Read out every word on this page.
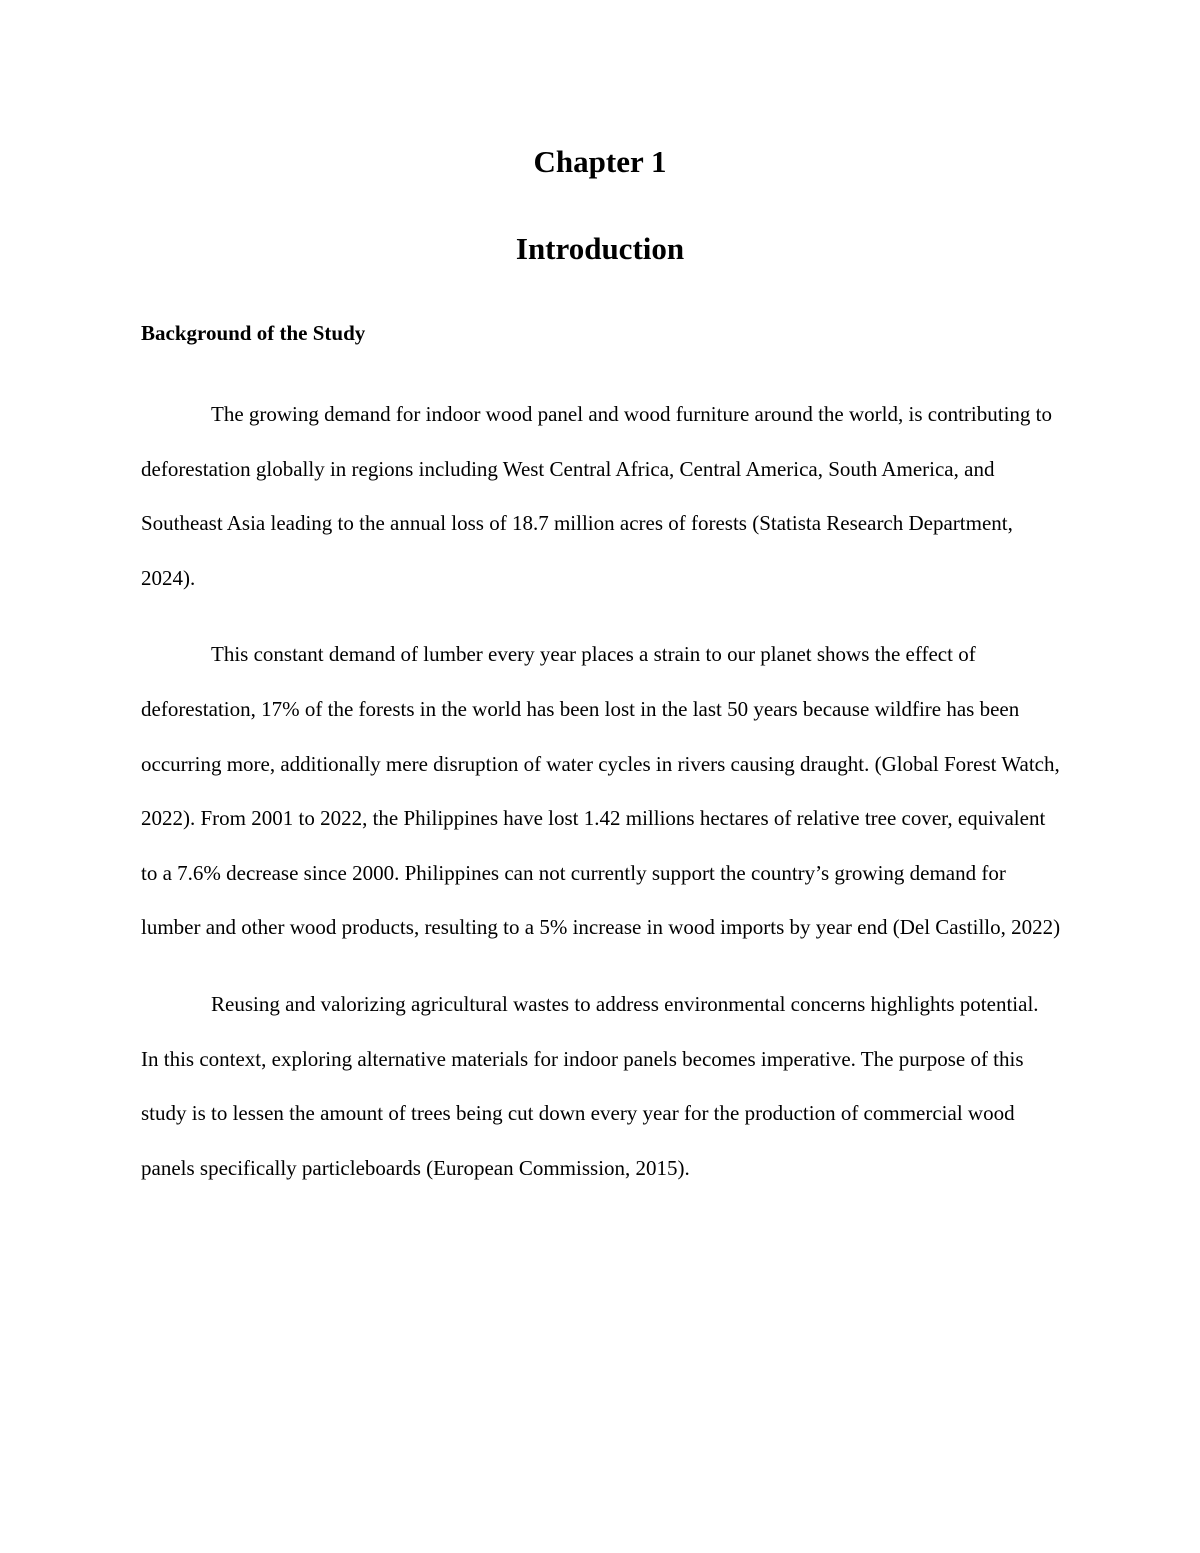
Chapter 1
Introduction
Background of the Study

The growing demand for indoor wood panel and wood furniture around the world, is contributing to deforestation globally in regions including West Central Africa, Central America, South America, and Southeast Asia leading to the annual loss of 18.7 million acres of forests (Statista Research Department, 2024).

This constant demand of lumber every year places a strain to our planet shows the effect of deforestation, 17% of the forests in the world has been lost in the last 50 years because wildfire has been occurring more, additionally mere disruption of water cycles in rivers causing draught. (Global Forest Watch, 2022). From 2001 to 2022, the Philippines have lost 1.42 millions hectares of relative tree cover, equivalent to a 7.6% decrease since 2000. Philippines can not currently support the country’s growing demand for lumber and other wood products, resulting to a 5% increase in wood imports by year end (Del Castillo, 2022)

Reusing and valorizing agricultural wastes to address environmental concerns highlights potential. In this context, exploring alternative materials for indoor panels becomes imperative. The purpose of this study is to lessen the amount of trees being cut down every year for the production of commercial wood panels specifically particleboards (European Commission, 2015).
